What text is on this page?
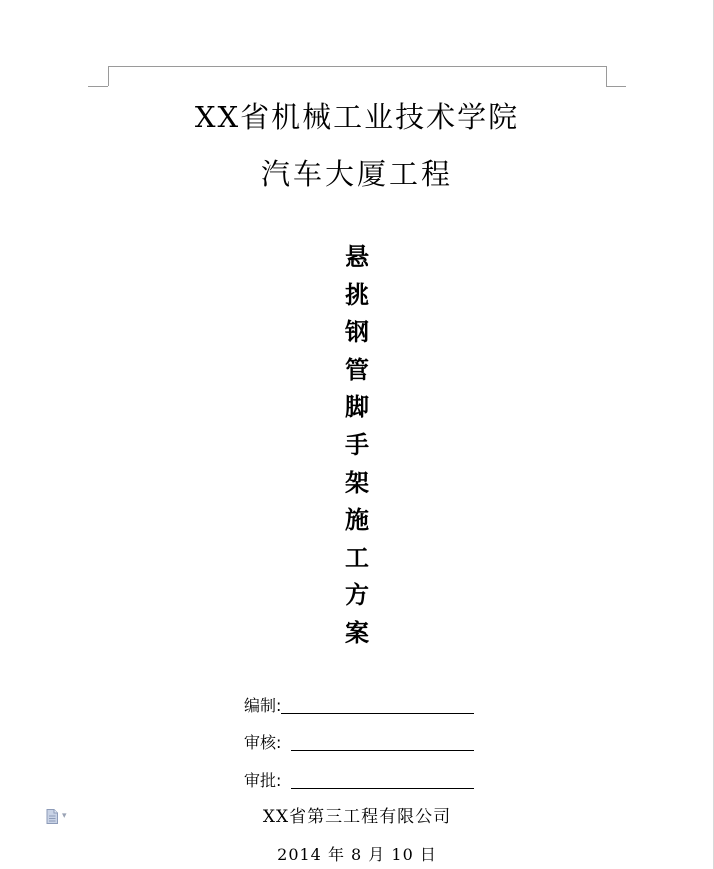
XX省机械工业技术学院
汽车大厦工程
悬
挑
钢
管
脚
手
架
施
工
方
案
编制:
审核:
审批:
XX省第三工程有限公司
2014 年 8 月 10 日
▾
